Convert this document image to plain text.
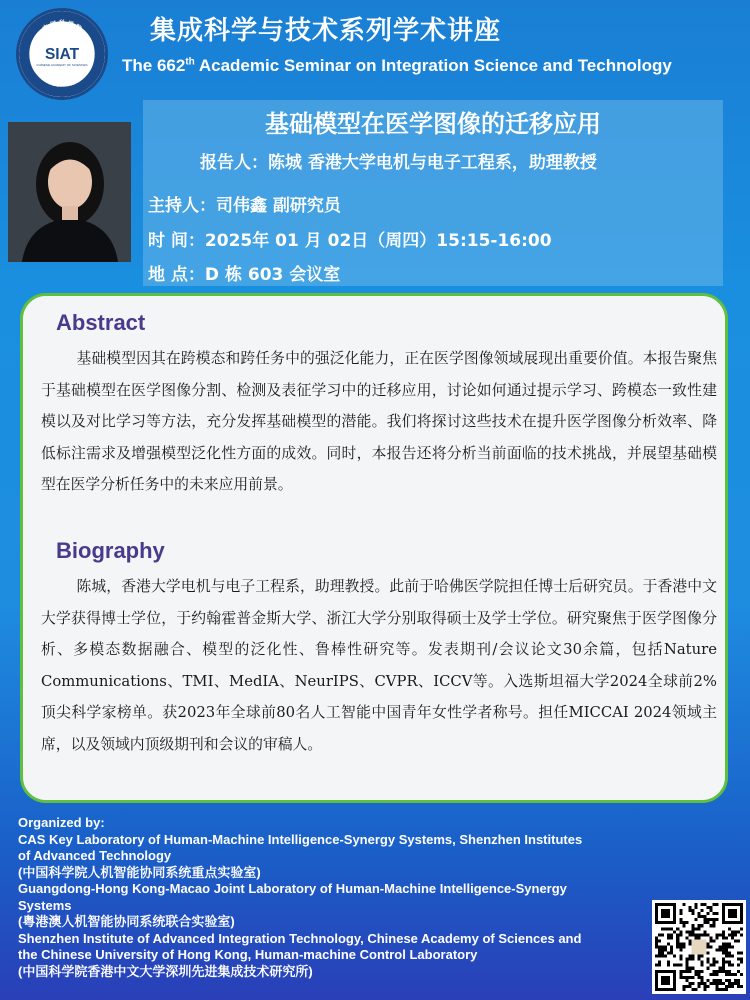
中 国 科 学 院
深圳先进技术研究院
SIAT
CHINESE ACADEMY OF SCIENCES
集成科学与技术系列学术讲座
The 662th Academic Seminar on Integration Science and Technology
基础模型在医学图像的迁移应用
报告人：陈城 香港大学电机与电子工程系，助理教授
主持人：司伟鑫 副研究员
时 间：2025年 01 月 02日（周四）15:15-16:00
地 点：D 栋 603 会议室
Abstract

基础模型因其在跨模态和跨任务中的强泛化能力，正在医学图像领域展现出重要价值。本报告聚焦于基础模型在医学图像分割、检测及表征学习中的迁移应用，讨论如何通过提示学习、跨模态一致性建模以及对比学习等方法，充分发挥基础模型的潜能。我们将探讨这些技术在提升医学图像分析效率、降低标注需求及增强模型泛化性方面的成效。同时，本报告还将分析当前面临的技术挑战，并展望基础模型在医学分析任务中的未来应用前景。

Biography

陈城，香港大学电机与电子工程系，助理教授。此前于哈佛医学院担任博士后研究员。于香港中文大学获得博士学位，于约翰霍普金斯大学、浙江大学分别取得硕士及学士学位。研究聚焦于医学图像分析、多模态数据融合、模型的泛化性、鲁棒性研究等。发表期刊/会议论文30余篇，包括Nature Communications、TMI、MedIA、NeurIPS、CVPR、ICCV等。入选斯坦福大学2024全球前2%顶尖科学家榜单。获2023年全球前80名人工智能中国青年女性学者称号。担任MICCAI 2024领域主席，以及领域内顶级期刊和会议的审稿人。

Organized by:
CAS Key Laboratory of Human-Machine Intelligence-Synergy Systems, Shenzhen Institutes
of Advanced Technology
(中国科学院人机智能协同系统重点实验室)
Guangdong-Hong Kong-Macao Joint Laboratory of Human-Machine Intelligence-Synergy
Systems
(粤港澳人机智能协同系统联合实验室)
Shenzhen Institute of Advanced Integration Technology, Chinese Academy of Sciences and
the Chinese University of Hong Kong, Human-machine Control Laboratory
(中国科学院香港中文大学深圳先进集成技术研究所)
